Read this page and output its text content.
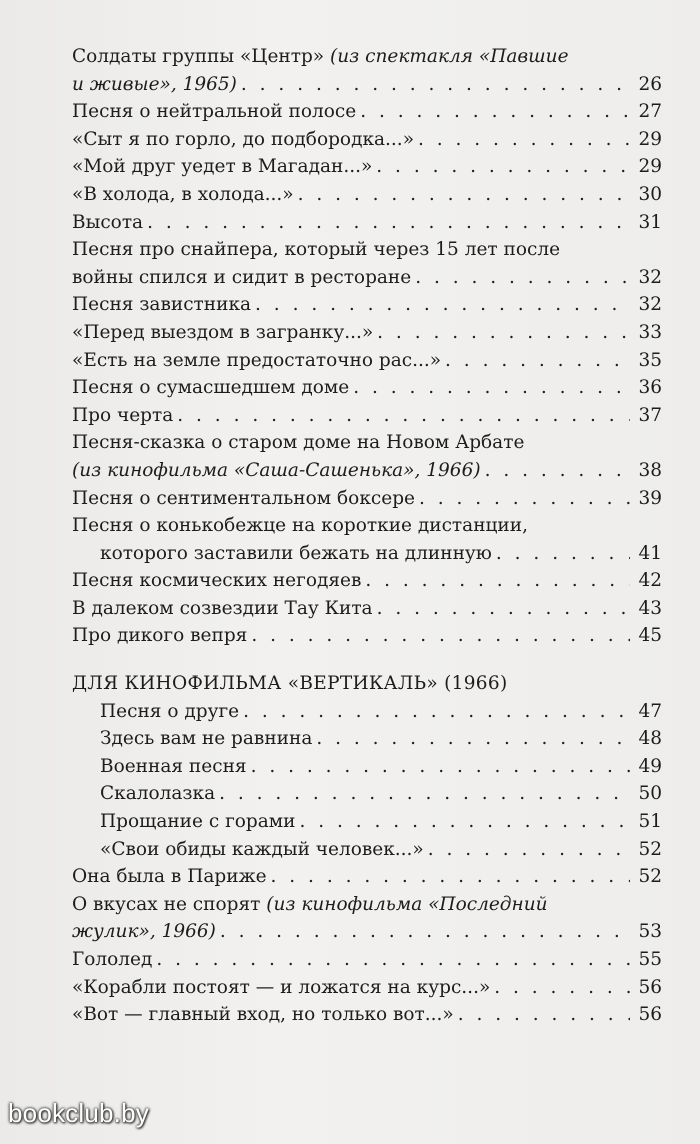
Солдаты группы «Центр» (из спектакля «Павшие
и живые», 1965) . . .	26
Песня о нейтральной полосе . . .	27
«Сыт я по горло, до подбородка...» . . .	29
«Мой друг уедет в Магадан...» . . .	29
«В холода, в холода...» . . .	30
Высота . . .	31
Песня про снайпера, который через 15 лет после
войны спился и сидит в ресторане . . .	32
Песня завистника . . .	32
«Перед выездом в загранку...» . . .	33
«Есть на земле предостаточно рас...» . . .	35
Песня о сумасшедшем доме . . .	36
Про черта . . .	37
Песня-сказка о старом доме на Новом Арбате
(из кинофильма «Саша-Сашенька», 1966) . . .	38
Песня о сентиментальном боксере . . .	39
Песня о конькобежце на короткие дистанции,
которого заставили бежать на длинную . . .	41
Песня космических негодяев . . .	42
В далеком созвездии Тау Кита . . .	43
Про дикого вепря . . .	45
ДЛЯ КИНОФИЛЬМА «ВЕРТИКАЛЬ» (1966)
Песня о друге . . .	47
Здесь вам не равнина . . .	48
Военная песня . . .	49
Скалолазка . . .	50
Прощание с горами . . .	51
«Свои обиды каждый человек...» . . .	52
Она была в Париже . . .	52
О вкусах не спорят (из кинофильма «Последний
жулик», 1966) . . .	53
Гололед . . .	55
«Корабли постоят — и ложатся на курс...» . . .	56
«Вот — главный вход, но только вот...» . . .	56
bookclub.by
